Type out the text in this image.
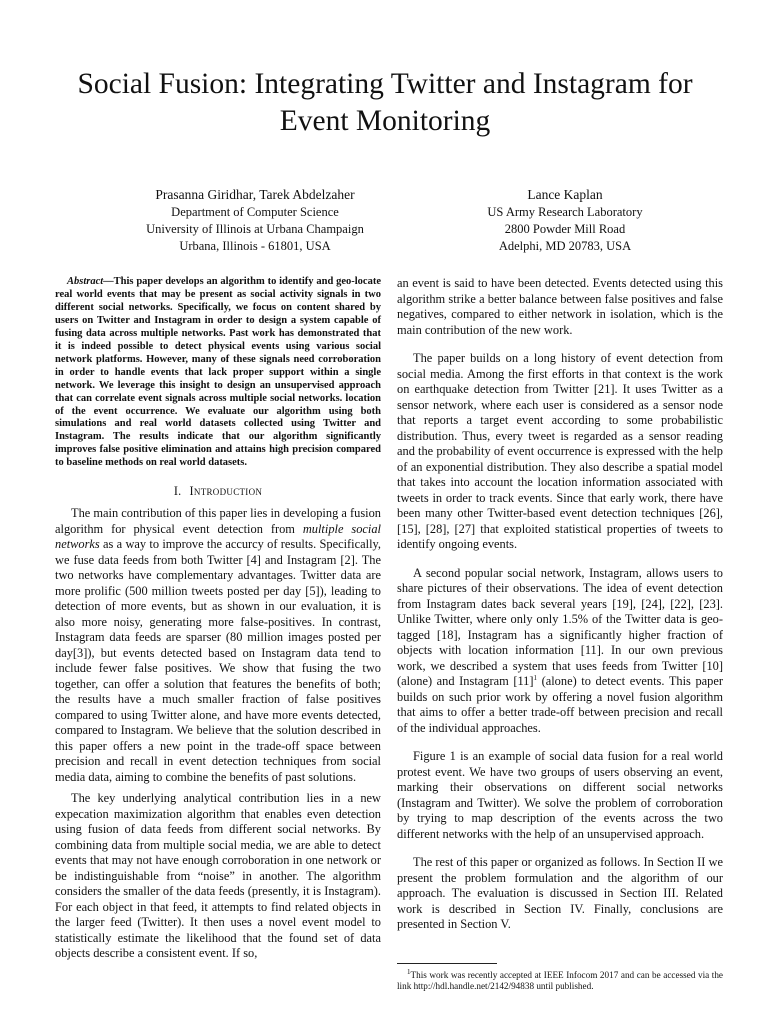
Social Fusion: Integrating Twitter and Instagram for Event Monitoring
Prasanna Giridhar, Tarek Abdelzaher
Department of Computer Science
University of Illinois at Urbana Champaign
Urbana, Illinois - 61801, USA
Lance Kaplan
US Army Research Laboratory
2800 Powder Mill Road
Adelphi, MD 20783, USA

Abstract—This paper develops an algorithm to identify and geo-locate real world events that may be present as social activity signals in two different social networks. Specifically, we focus on content shared by users on Twitter and Instagram in order to design a system capable of fusing data across multiple networks. Past work has demonstrated that it is indeed possible to detect physical events using various social network platforms. However, many of these signals need corroboration in order to handle events that lack proper support within a single network. We leverage this insight to design an unsupervised approach that can correlate event signals across multiple social networks. location of the event occurrence. We evaluate our algorithm using both simulations and real world datasets collected using Twitter and Instagram. The results indicate that our algorithm significantly improves false positive elimination and attains high precision compared to baseline methods on real world datasets.

I. Introduction

The main contribution of this paper lies in developing a fusion algorithm for physical event detection from multiple social networks as a way to improve the accurcy of results. Specifically, we fuse data feeds from both Twitter [4] and Instagram [2]. The two networks have complementary advantages. Twitter data are more prolific (500 million tweets posted per day [5]), leading to detection of more events, but as shown in our evaluation, it is also more noisy, generating more false-positives. In contrast, Instagram data feeds are sparser (80 million images posted per day[3]), but events detected based on Instagram data tend to include fewer false positives. We show that fusing the two together, can offer a solution that features the benefits of both; the results have a much smaller fraction of false positives compared to using Twitter alone, and have more events detected, compared to Instagram. We believe that the solution described in this paper offers a new point in the trade-off space between precision and recall in event detection techniques from social media data, aiming to combine the benefits of past solutions.

The key underlying analytical contribution lies in a new expecation maximization algorithm that enables even detection using fusion of data feeds from different social networks. By combining data from multiple social media, we are able to detect events that may not have enough corroboration in one network or be indistinguishable from “noise” in another. The algorithm considers the smaller of the data feeds (presently, it is Instagram). For each object in that feed, it attempts to find related objects in the larger feed (Twitter). It then uses a novel event model to statistically estimate the likelihood that the found set of data objects describe a consistent event. If so,

an event is said to have been detected. Events detected using this algorithm strike a better balance between false positives and false negatives, compared to either network in isolation, which is the main contribution of the new work.

The paper builds on a long history of event detection from social media. Among the first efforts in that context is the work on earthquake detection from Twitter [21]. It uses Twitter as a sensor network, where each user is considered as a sensor node that reports a target event according to some probabilistic distribution. Thus, every tweet is regarded as a sensor reading and the probability of event occurrence is expressed with the help of an exponential distribution. They also describe a spatial model that takes into account the location information associated with tweets in order to track events. Since that early work, there have been many other Twitter-based event detection techniques [26], [15], [28], [27] that exploited statistical properties of tweets to identify ongoing events.

A second popular social network, Instagram, allows users to share pictures of their observations. The idea of event detection from Instagram dates back several years [19], [24], [22], [23]. Unlike Twitter, where only only 1.5% of the Twitter data is geo-tagged [18], Instagram has a significantly higher fraction of objects with location information [11]. In our own previous work, we described a system that uses feeds from Twitter [10] (alone) and Instagram $[11]^1$ (alone) to detect events. This paper builds on such prior work by offering a novel fusion algorithm that aims to offer a better trade-off between precision and recall of the individual approaches.

Figure 1 is an example of social data fusion for a real world protest event. We have two groups of users observing an event, marking their observations on different social networks (Instagram and Twitter). We solve the problem of corroboration by trying to map description of the events across the two different networks with the help of an unsupervised approach.

The rest of this paper or organized as follows. In Section II we present the problem formulation and the algorithm of our approach. The evaluation is discussed in Section III. Related work is described in Section IV. Finally, conclusions are presented in Section V.

$^1$This work was recently accepted at IEEE Infocom 2017 and can be accessed via the link http://hdl.handle.net/2142/94838 until published.
